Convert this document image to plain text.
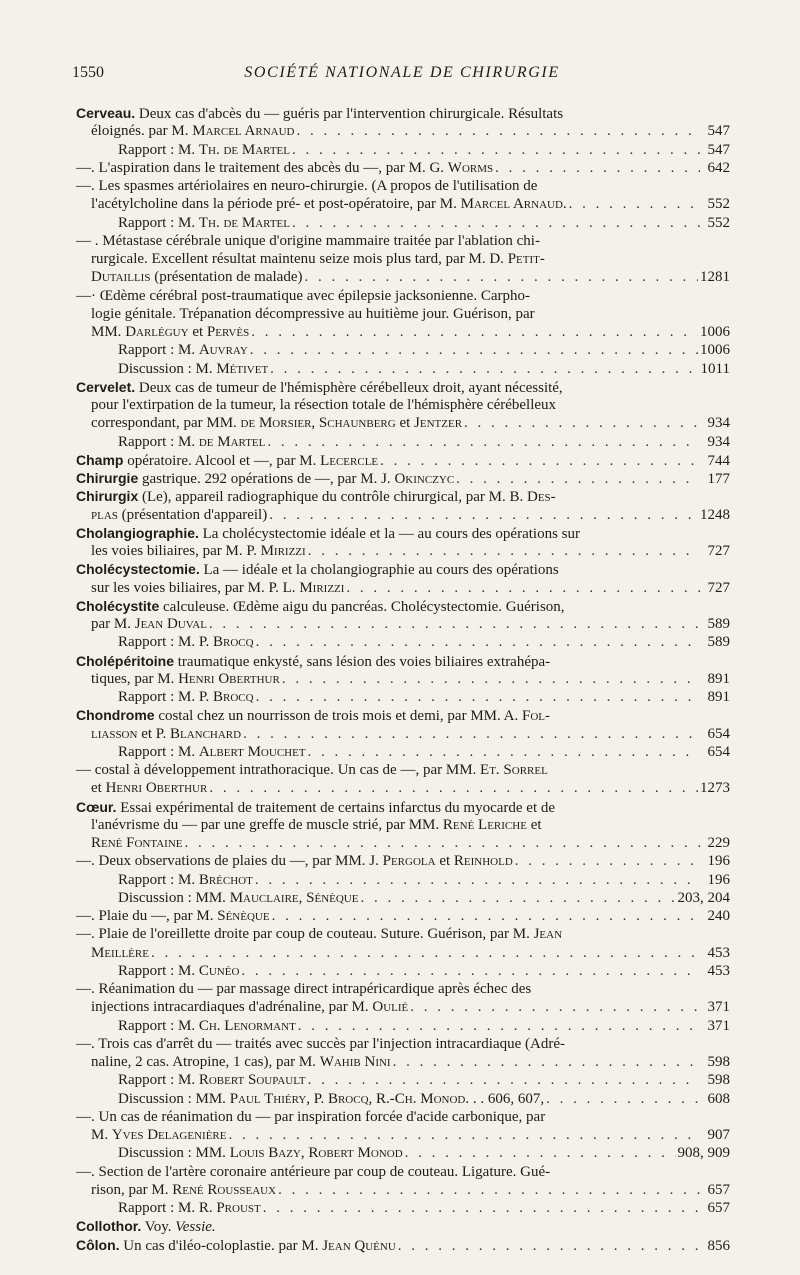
1550	SOCIÉTÉ NATIONALE DE CHIRURGIE
Cerveau. Deux cas d'abcès du — guéris par l'intervention chirurgicale. Résultats
éloignés. par M. Marcel Arnaud . . .	547
Rapport : M. Th. de Martel . . .	547
—. L'aspiration dans le traitement des abcès du —, par M. G. Worms . . .	642
—. Les spasmes artériolaires en neuro-chirurgie. (A propos de l'utilisation de
l'acétylcholine dans la période pré- et post-opératoire, par M. Marcel Arnaud. . . .	552
Rapport : M. Th. de Martel . . .	552
— . Métastase cérébrale unique d'origine mammaire traitée par l'ablation chi-
rurgicale. Excellent résultat maintenu seize mois plus tard, par M. D. Petit-
Dutaillis (présentation de malade) . . .	1281
—· Œdème cérébral post-traumatique avec épilepsie jacksonienne. Carpho-
logie génitale. Trépanation décompressive au huitième jour. Guérison, par
MM. Darléguy et Pervès . . .	1006
Rapport : M. Auvray . . .	1006
Discussion : M. Métivet . . .	1011
Cervelet. Deux cas de tumeur de l'hémisphère cérébelleux droit, ayant nécessité,
pour l'extirpation de la tumeur, la résection totale de l'hémisphère cérébelleux
correspondant, par MM. de Morsier, Schaunberg et Jentzer . . .	934
Rapport : M. de Martel . . .	934
Champ opératoire. Alcool et —, par M. Lecercle . . .	744
Chirurgie gastrique. 292 opérations de —, par M. J. Okinczyc . . .	177
Chirurgix (Le), appareil radiographique du contrôle chirurgical, par M. B. Des-
plas (présentation d'appareil) . . .	1248
Cholangiographie. La cholécystectomie idéale et la — au cours des opérations sur
les voies biliaires, par M. P. Mirizzi . . .	727
Cholécystectomie. La — idéale et la cholangiographie au cours des opérations
sur les voies biliaires, par M. P. L. Mirizzi . . .	727
Cholécystite calculeuse. Œdème aigu du pancréas. Cholécystectomie. Guérison,
par M. Jean Duval . . .	589
Rapport : M. P. Brocq . . .	589
Cholépéritoine traumatique enkysté, sans lésion des voies biliaires extrahépa-
tiques, par M. Henri Oberthur . . .	891
Rapport : M. P. Brocq . . .	891
Chondrome costal chez un nourrisson de trois mois et demi, par MM. A. Fol-
liasson et P. Blanchard . . .	654
Rapport : M. Albert Mouchet . . .	654
— costal à développement intrathoracique. Un cas de —, par MM. Et. Sorrel
et Henri Oberthur . . .	1273
Cœur. Essai expérimental de traitement de certains infarctus du myocarde et de
l'anévrisme du — par une greffe de muscle strié, par MM. René Leriche et
René Fontaine . . .	229
—. Deux observations de plaies du —, par MM. J. Pergola et Reinhold . . .	196
Rapport : M. Bréchot . . .	196
Discussion : MM. Mauclaire, Sénèque . . .	203, 204
—. Plaie du —, par M. Sénèque . . .	240
—. Plaie de l'oreillette droite par coup de couteau. Suture. Guérison, par M. Jean
Meillère . . .	453
Rapport : M. Cunéo . . .	453
—. Réanimation du — par massage direct intrapéricardique après échec des
injections intracardiaques d'adrénaline, par M. Oulié . . .	371
Rapport : M. Ch. Lenormant . . .	371
—. Trois cas d'arrêt du — traités avec succès par l'injection intracardiaque (Adré-
naline, 2 cas. Atropine, 1 cas), par M. Wahib Nini . . .	598
Rapport : M. Robert Soupault . . .	598
Discussion : MM. Paul Thiéry, P. Brocq, R.-Ch. Monod. . . 606, 607, . . .	608
—. Un cas de réanimation du — par inspiration forcée d'acide carbonique, par
M. Yves Delagenière . . .	907
Discussion : MM. Louis Bazy, Robert Monod . . .	908, 909
—. Section de l'artère coronaire antérieure par coup de couteau. Ligature. Gué-
rison, par M. René Rousseaux . . .	657
Rapport : M. R. Proust . . .	657
Collothor. Voy. Vessie.
Côlon. Un cas d'iléo-coloplastie. par M. Jean Quénu . . .	856
